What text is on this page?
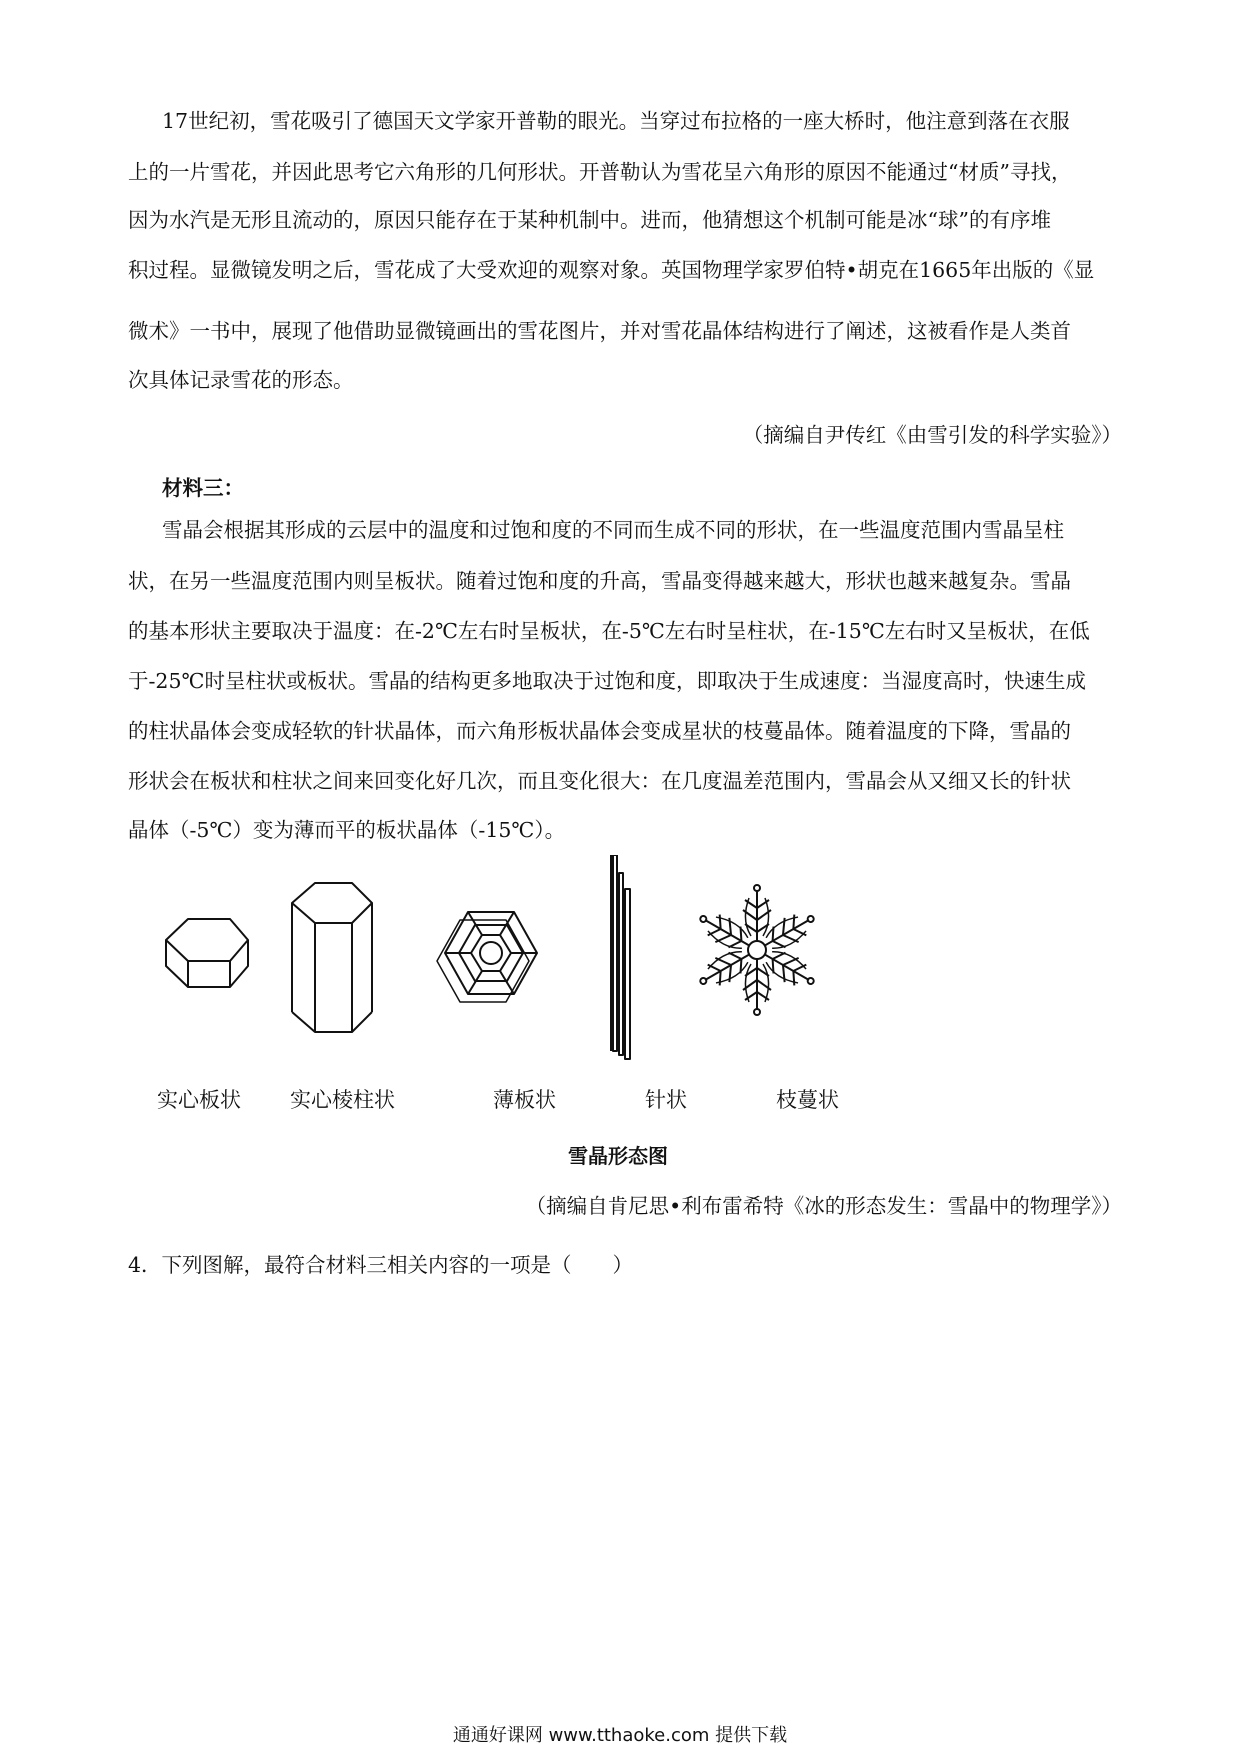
17世纪初，雪花吸引了德国天文学家开普勒的眼光。当穿过布拉格的一座大桥时，他注意到落在衣服
上的一片雪花，并因此思考它六角形的几何形状。开普勒认为雪花呈六角形的原因不能通过“材质”寻找，
因为水汽是无形且流动的，原因只能存在于某种机制中。进而，他猜想这个机制可能是冰“球”的有序堆
积过程。显微镜发明之后，雪花成了大受欢迎的观察对象。英国物理学家罗伯特•胡克在1665年出版的《显
微术》一书中，展现了他借助显微镜画出的雪花图片，并对雪花晶体结构进行了阐述，这被看作是人类首
次具体记录雪花的形态。
（摘编自尹传红《由雪引发的科学实验》）
材料三：
雪晶会根据其形成的云层中的温度和过饱和度的不同而生成不同的形状，在一些温度范围内雪晶呈柱
状，在另一些温度范围内则呈板状。随着过饱和度的升高，雪晶变得越来越大，形状也越来越复杂。雪晶
的基本形状主要取决于温度：在-2℃左右时呈板状，在-5℃左右时呈柱状，在-15℃左右时又呈板状，在低
于-25℃时呈柱状或板状。雪晶的结构更多地取决于过饱和度，即取决于生成速度：当湿度高时，快速生成
的柱状晶体会变成轻软的针状晶体，而六角形板状晶体会变成星状的枝蔓晶体。随着温度的下降，雪晶的
形状会在板状和柱状之间来回变化好几次，而且变化很大：在几度温差范围内，雪晶会从又细又长的针状
晶体（-5℃）变为薄而平的板状晶体（-15℃）。
实心板状 实心棱柱状	薄板状	针状	枝蔓状
雪晶形态图
（摘编自肯尼思•利布雷希特《冰的形态发生：雪晶中的物理学》）
4．下列图解，最符合材料三相关内容的一项是（　　）
通通好课网 www.tthaoke.com 提供下载
